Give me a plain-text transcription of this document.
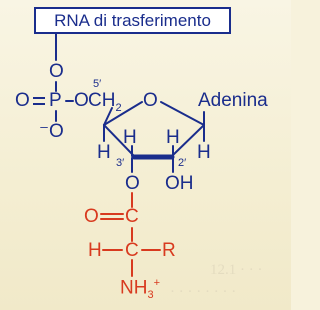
12.1 · · ·
· · · · · · · ·
RNA di trasferimento
O
O P O
⁻O
5′
$CH_2$ O Adenina
H H
H	H
3′	2′
O OH
O C
H C R
$NH_3^+$
